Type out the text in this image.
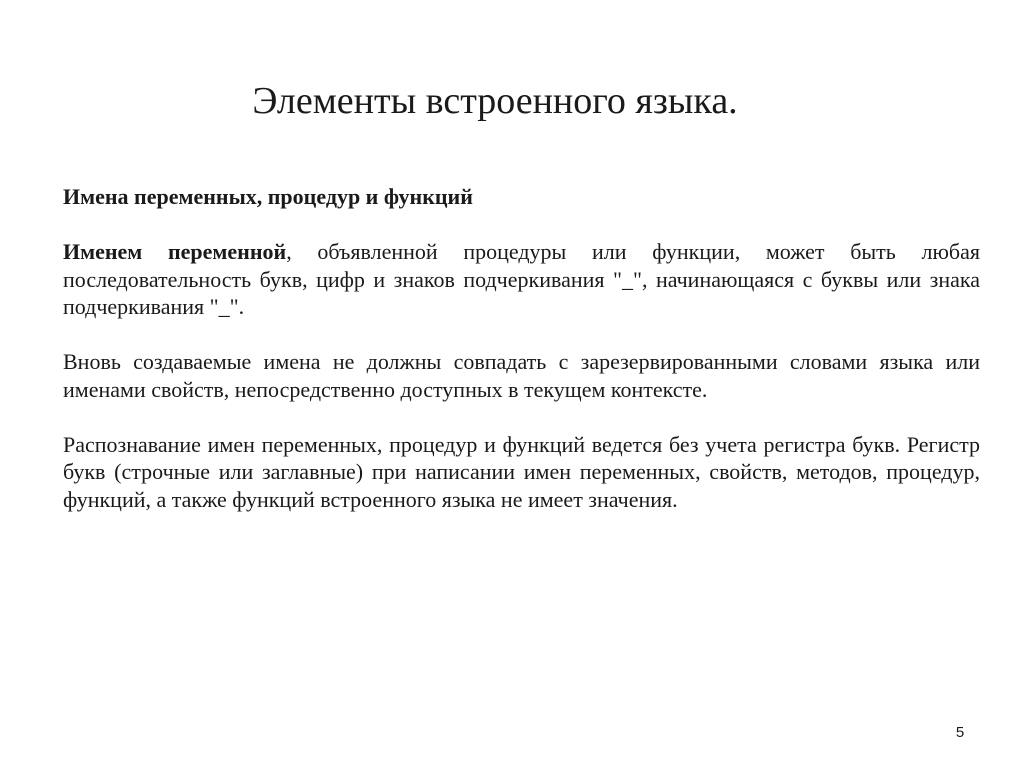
Элементы встроенного языка.

Имена переменных, процедур и функций

Именем переменной, объявленной процедуры или функции, может быть любая последовательность букв, цифр и знаков подчеркивания "_", начинающаяся с буквы или знака подчеркивания "_".

Вновь создаваемые имена не должны совпадать с зарезервированными словами языка или именами свойств, непосредственно доступных в текущем контексте.

Распознавание имен переменных, процедур и функций ведется без учета регистра букв. Регистр букв (строчные или заглавные) при написании имен переменных, свойств, методов, процедур, функций, а также функций встроенного языка не имеет значения.

5
